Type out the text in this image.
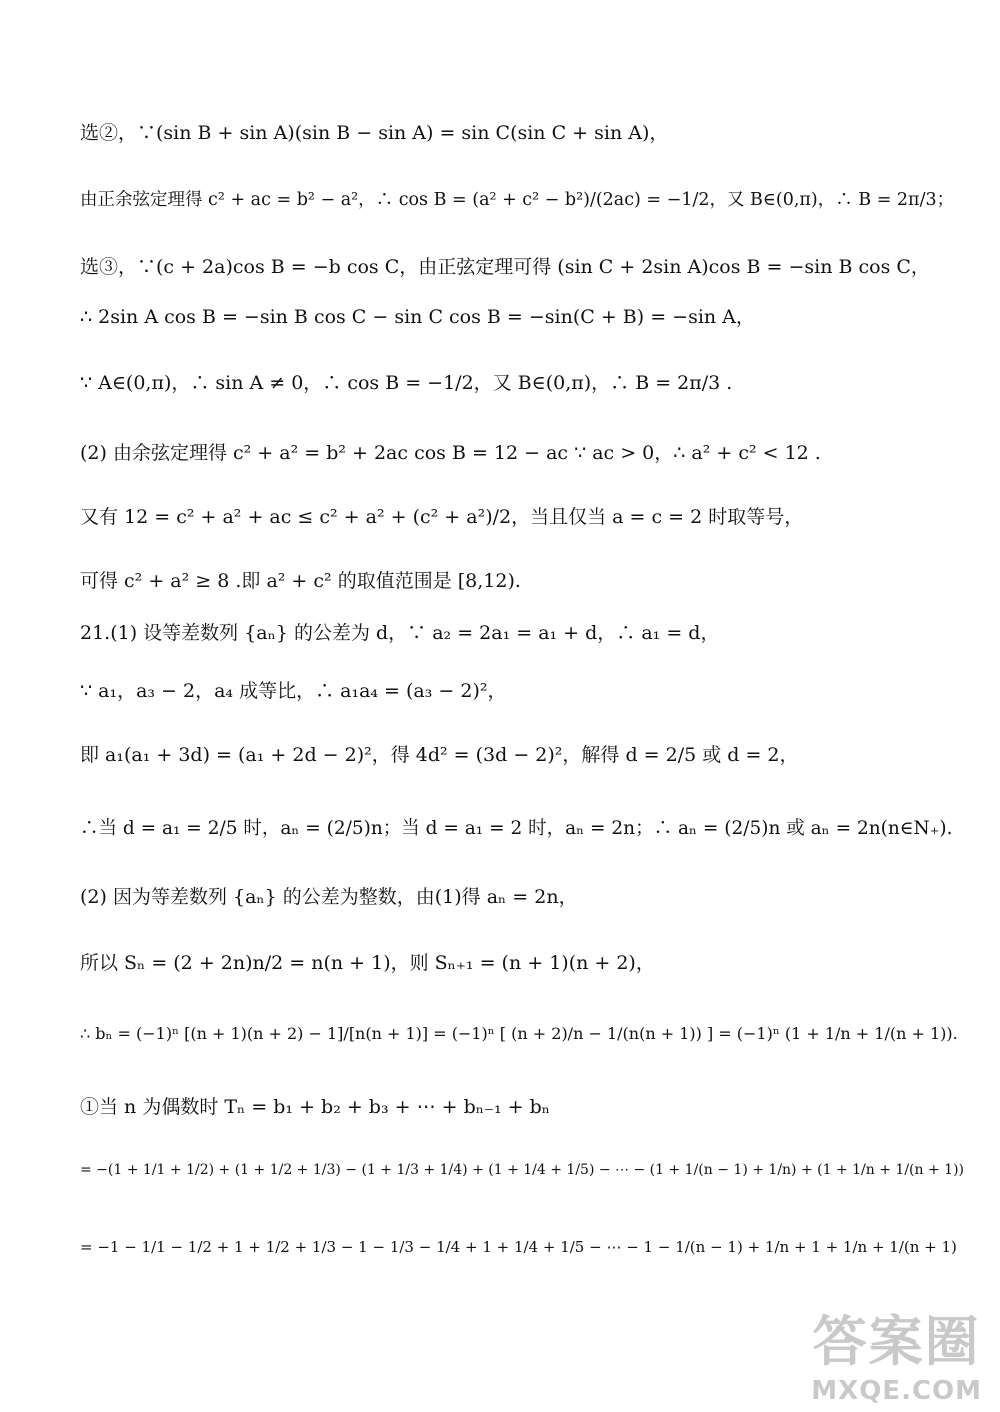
选②，∵(sin B + sin A)(sin B − sin A) = sin C(sin C + sin A)，
由正余弦定理得 c² + ac = b² − a²，∴ cos B = (a² + c² − b²)/(2ac) = −1/2，又 B∈(0,π)，∴ B = 2π/3；
选③，∵(c + 2a)cos B = −b cos C，由正弦定理可得 (sin C + 2sin A)cos B = −sin B cos C，
∴ 2sin A cos B = −sin B cos C − sin C cos B = −sin(C + B) = −sin A，
∵ A∈(0,π)，∴ sin A ≠ 0，∴ cos B = −1/2，又 B∈(0,π)，∴ B = 2π/3 .
(2) 由余弦定理得 c² + a² = b² + 2ac cos B = 12 − ac ∵ ac > 0，∴ a² + c² < 12 .
又有 12 = c² + a² + ac ≤ c² + a² + (c² + a²)/2，当且仅当 a = c = 2 时取等号，
可得 c² + a² ≥ 8 .即 a² + c² 的取值范围是 [8,12).
21.(1) 设等差数列 {aₙ} 的公差为 d，∵ a₂ = 2a₁ = a₁ + d，∴ a₁ = d，
∵ a₁，a₃ − 2，a₄ 成等比，∴ a₁a₄ = (a₃ − 2)²，
即 a₁(a₁ + 3d) = (a₁ + 2d − 2)²，得 4d² = (3d − 2)²，解得 d = 2/5 或 d = 2，
∴当 d = a₁ = 2/5 时，aₙ = (2/5)n；当 d = a₁ = 2 时，aₙ = 2n；∴ aₙ = (2/5)n 或 aₙ = 2n(n∈N₊).
(2) 因为等差数列 {aₙ} 的公差为整数，由(1)得 aₙ = 2n，
所以 Sₙ = (2 + 2n)n/2 = n(n + 1)，则 Sₙ₊₁ = (n + 1)(n + 2)，
∴ bₙ = (−1)ⁿ [(n + 1)(n + 2) − 1]/[n(n + 1)] = (−1)ⁿ [ (n + 2)/n − 1/(n(n + 1)) ] = (−1)ⁿ (1 + 1/n + 1/(n + 1)).
①当 n 为偶数时 Tₙ = b₁ + b₂ + b₃ + ⋯ + bₙ₋₁ + bₙ
= −(1 + 1/1 + 1/2) + (1 + 1/2 + 1/3) − (1 + 1/3 + 1/4) + (1 + 1/4 + 1/5) − ⋯ − (1 + 1/(n − 1) + 1/n) + (1 + 1/n + 1/(n + 1))
= −1 − 1/1 − 1/2 + 1 + 1/2 + 1/3 − 1 − 1/3 − 1/4 + 1 + 1/4 + 1/5 − ⋯ − 1 − 1/(n − 1) + 1/n + 1 + 1/n + 1/(n + 1)
答案圈
MXQE.COM
